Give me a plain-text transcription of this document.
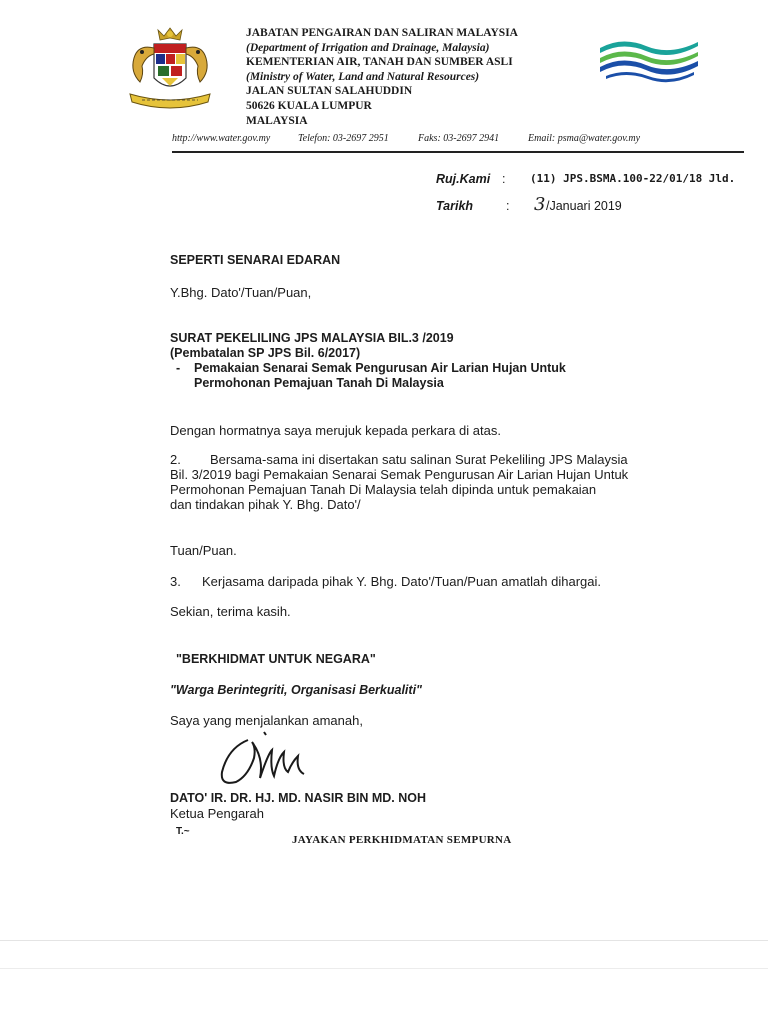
JABATAN PENGAIRAN DAN SALIRAN MALAYSIA
(Department of Irrigation and Drainage, Malaysia)
KEMENTERIAN AIR, TANAH DAN SUMBER ASLI
(Ministry of Water, Land and Natural Resources)
JALAN SULTAN SALAHUDDIN
50626 KUALA LUMPUR
MALAYSIA
http://www.water.gov.my	Telefon: 03-2697 2951	Faks: 03-2697 2941	Email: psma@water.gov.my
Ruj.Kami : (11) JPS.BSMA.100-22/01/18 Jld.
Tarikh	: 3 /Januari 2019
SEPERTI SENARAI EDARAN
Y.Bhg. Dato'/Tuan/Puan,
SURAT PEKELILING JPS MALAYSIA BIL.3 /2019
(Pembatalan SP JPS Bil. 6/2017)
- Pemakaian Senarai Semak Pengurusan Air Larian Hujan Untuk
Permohonan Pemajuan Tanah Di Malaysia
Dengan hormatnya saya merujuk kepada perkara di atas.
2. Bersama-sama ini disertakan satu salinan Surat Pekeliling JPS Malaysia
Bil. 3/2019 bagi Pemakaian Senarai Semak Pengurusan Air Larian Hujan Untuk
Permohonan Pemajuan Tanah Di Malaysia telah dipinda untuk pemakaian
dan tindakan pihak Y. Bhg. Dato'/
Tuan/Puan.
3. Kerjasama daripada pihak Y. Bhg. Dato'/Tuan/Puan amatlah dihargai.
Sekian, terima kasih.
"BERKHIDMAT UNTUK NEGARA"
"Warga Berintegriti, Organisasi Berkualiti"
Saya yang menjalankan amanah,
DATO' IR. DR. HJ. MD. NASIR BIN MD. NOH
Ketua Pengarah
T.~
JAYAKAN PERKHIDMATAN SEMPURNA
